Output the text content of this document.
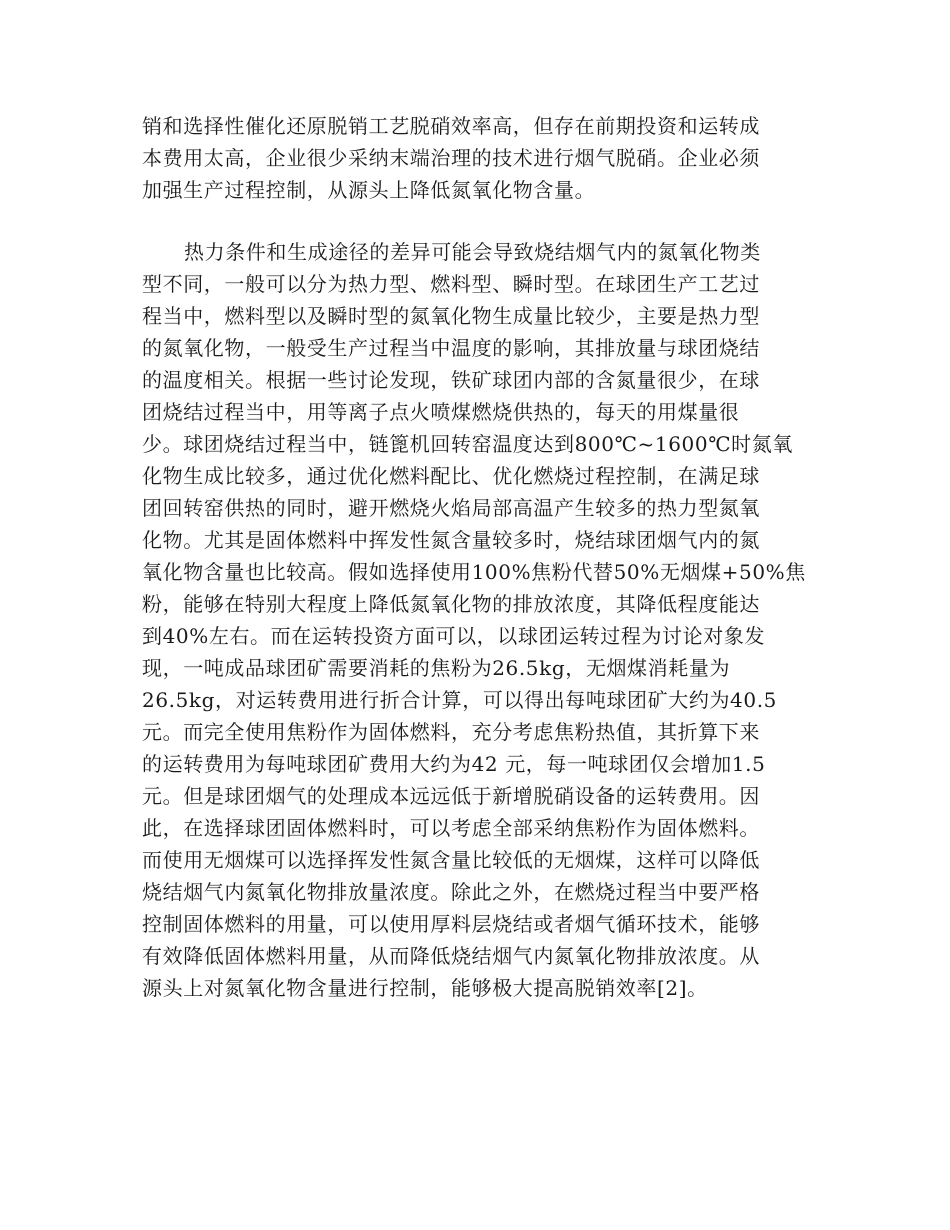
销和选择性催化还原脱销工艺脱硝效率高，但存在前期投资和运转成
本费用太高，企业很少采纳末端治理的技术进行烟气脱硝。企业必须
加强生产过程控制，从源头上降低氮氧化物含量。
热力条件和生成途径的差异可能会导致烧结烟气内的氮氧化物类
型不同，一般可以分为热力型、燃料型、瞬时型。在球团生产工艺过
程当中，燃料型以及瞬时型的氮氧化物生成量比较少，主要是热力型
的氮氧化物，一般受生产过程当中温度的影响，其排放量与球团烧结
的温度相关。根据一些讨论发现，铁矿球团内部的含氮量很少，在球
团烧结过程当中，用等离子点火喷煤燃烧供热的，每天的用煤量很
少。球团烧结过程当中，链篦机回转窑温度达到800℃~1600℃时氮氧
化物生成比较多，通过优化燃料配比、优化燃烧过程控制，在满足球
团回转窑供热的同时，避开燃烧火焰局部高温产生较多的热力型氮氧
化物。尤其是固体燃料中挥发性氮含量较多时，烧结球团烟气内的氮
氧化物含量也比较高。假如选择使用100%焦粉代替50%无烟煤+50%焦
粉，能够在特别大程度上降低氮氧化物的排放浓度，其降低程度能达
到40%左右。而在运转投资方面可以，以球团运转过程为讨论对象发
现，一吨成品球团矿需要消耗的焦粉为26.5kg，无烟煤消耗量为
26.5kg，对运转费用进行折合计算，可以得出每吨球团矿大约为40.5
元。而完全使用焦粉作为固体燃料，充分考虑焦粉热值，其折算下来
的运转费用为每吨球团矿费用大约为42 元，每一吨球团仅会增加1.5
元。但是球团烟气的处理成本远远低于新增脱硝设备的运转费用。因
此，在选择球团固体燃料时，可以考虑全部采纳焦粉作为固体燃料。
而使用无烟煤可以选择挥发性氮含量比较低的无烟煤，这样可以降低
烧结烟气内氮氧化物排放量浓度。除此之外，在燃烧过程当中要严格
控制固体燃料的用量，可以使用厚料层烧结或者烟气循环技术，能够
有效降低固体燃料用量，从而降低烧结烟气内氮氧化物排放浓度。从
源头上对氮氧化物含量进行控制，能够极大提高脱销效率[2]。
